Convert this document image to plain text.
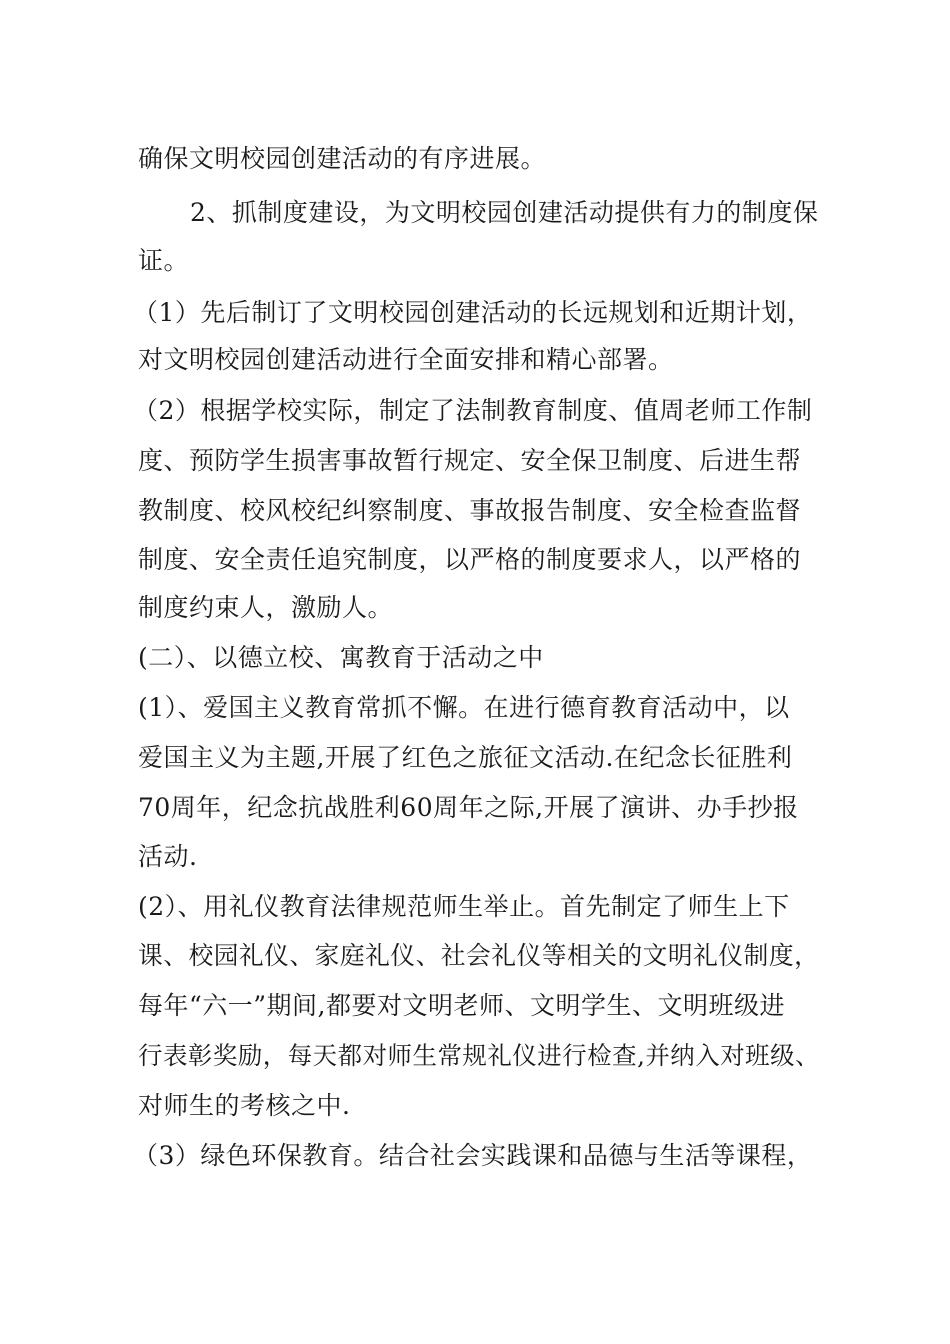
确保文明校园创建活动的有序进展。
2、抓制度建设，为文明校园创建活动提供有力的制度保
证。
（1）先后制订了文明校园创建活动的长远规划和近期计划，
对文明校园创建活动进行全面安排和精心部署。
（2）根据学校实际，制定了法制教育制度、值周老师工作制
度、预防学生损害事故暂行规定、安全保卫制度、后进生帮
教制度、校风校纪纠察制度、事故报告制度、安全检查监督
制度、安全责任追究制度，以严格的制度要求人，以严格的
制度约束人，激励人。
(二）、以德立校、寓教育于活动之中
(1）、爱国主义教育常抓不懈。在进行德育教育活动中，以
爱国主义为主题,开展了红色之旅征文活动.在纪念长征胜利
70周年，纪念抗战胜利60周年之际,开展了演讲、办手抄报
活动.
(2）、用礼仪教育法律规范师生举止。首先制定了师生上下
课、校园礼仪、家庭礼仪、社会礼仪等相关的文明礼仪制度，
每年“六一”期间,都要对文明老师、文明学生、文明班级进
行表彰奖励，每天都对师生常规礼仪进行检查,并纳入对班级、
对师生的考核之中.
（3）绿色环保教育。结合社会实践课和品德与生活等课程，
